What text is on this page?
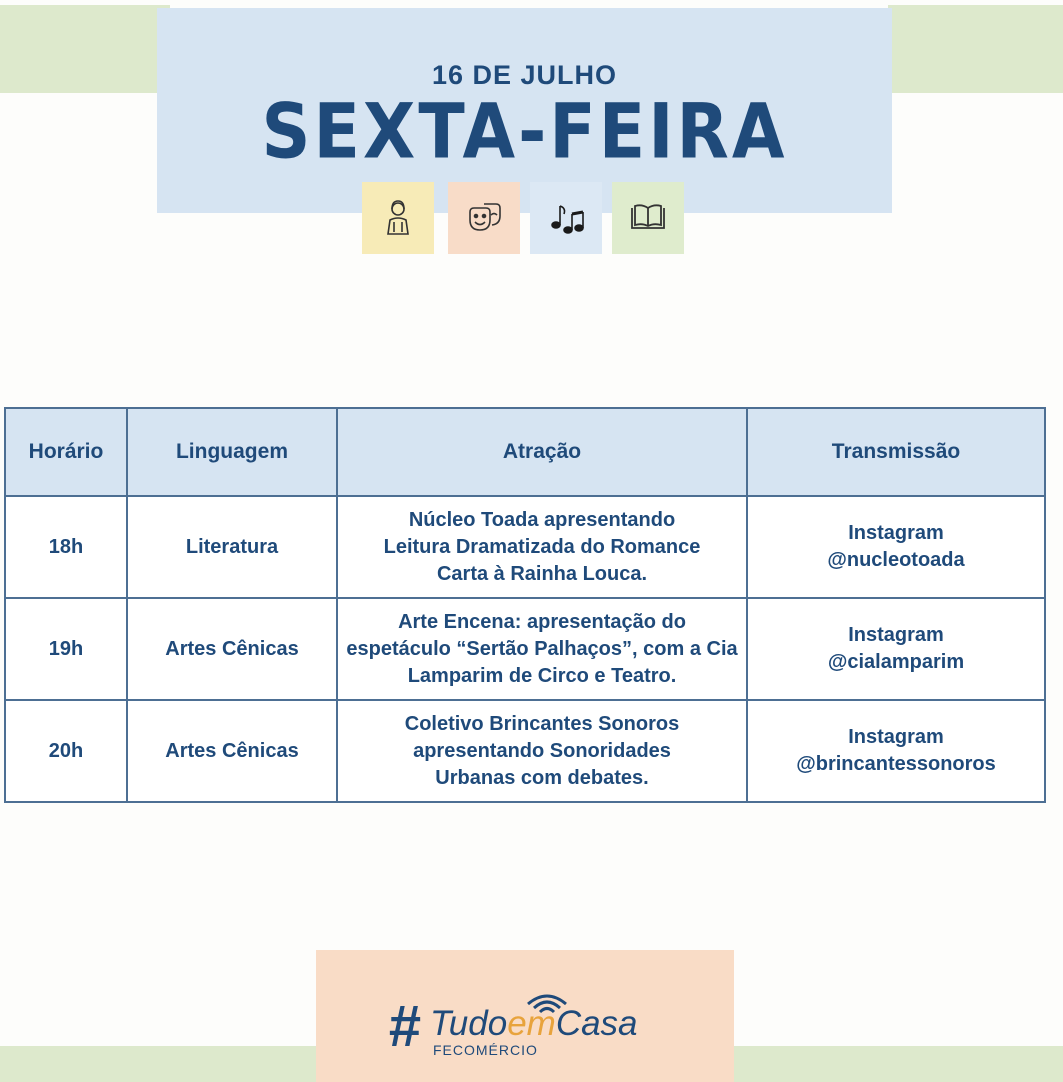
16 DE JULHO
SEXTA-FEIRA
Horário	Linguagem	Atração	Transmissão
18h	Literatura	Núcleo Toada apresentando Leitura Dramatizada do Romance Carta à Rainha Louca.	Instagram
@nucleotoada

19h	Artes Cênicas	Arte Encena: apresentação do espetáculo “Sertão Palhaços”, com a Cia Lamparim de Circo e Teatro.	Instagram
@cialamparim

20h	Artes Cênicas	Coletivo Brincantes Sonoros apresentando Sonoridades Urbanas com debates.	Instagram
@brincantessonoros
# TudoemCasa
FECOMÉRCIO
